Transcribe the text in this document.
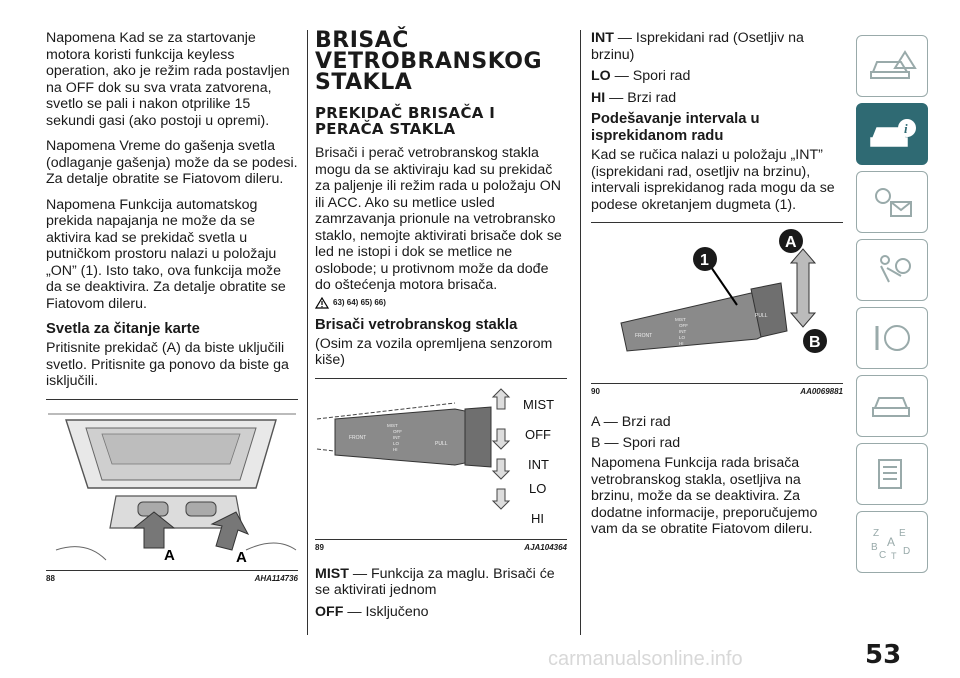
Napomena Kad se za startovanje motora koristi funkcija keyless operation, ako je režim rada postavljen na OFF dok su sva vrata zatvorena, svetlo se pali i nakon otprilike 15 sekundi gasi (ako postoji u opremi).

Napomena Vreme do gašenja svetla (odlaganje gašenja) može da se podesi. Za detalje obratite se Fiatovom dileru.

Napomena Funkcija automatskog prekida napajanja ne može da se aktivira kad se prekidač svetla u putničkom prostoru nalazi u položaju „ON” (1). Isto tako, ova funkcija može da se deaktivira. Za detalje obratite se Fiatovom dileru.

Svetla za čitanje karte

Pritisnite prekidač (A) da biste uključili svetlo. Pritisnite ga ponovo da biste ga isključili.

A	A
88	AHA114736
BRISAČ
VETROBRANSKOG
STAKLA
PREKIDAČ BRISAČA I
PERAČA STAKLA

Brisači i perač vetrobranskog stakla mogu da se aktiviraju kad su prekidač za paljenje ili režim rada u položaju ON ili ACC. Ako su metlice usled zamrzavanja prionule na vetrobransko staklo, nemojte aktivirati brisače dok se led ne istopi i dok se metlice ne oslobode; u protivnom može da dođe do oštećenja motora brisača.

63) 64) 65) 66)
Brisači vetrobranskog stakla

(Osim za vozila opremljena senzorom kiše)

FRONT
MIST
OFF
INT
LO
HI
PULL
MIST
OFF
INT
LO
HI
89	AJA104364
MIST — Funkcija za maglu. Brisači će se aktivirati jednom
OFF — Isključeno
INT — Isprekidani rad (Osetljiv na brzinu)
LO — Spori rad
HI — Brzi rad
Podešavanje intervala u isprekidanom radu

Kad se ručica nalazi u položaju „INT” (isprekidani rad, osetljiv na brzinu), intervali isprekidanog rada mogu da se podese okretanjem dugmeta (1).

FRONT
MIST
OFF
INT
LO
HI
PULL
1
A
B
90	AA0069881

A — Brzi rad

B — Spori rad

Napomena Funkcija rada brisača vetrobranskog stakla, osetljiva na brzinu, može da se deaktivira. Za dodatne informacije, preporučujemo vam da se obratite Fiatovom dileru.

i
Z E
A
B
C D
T
53
carmanualsonline.info
